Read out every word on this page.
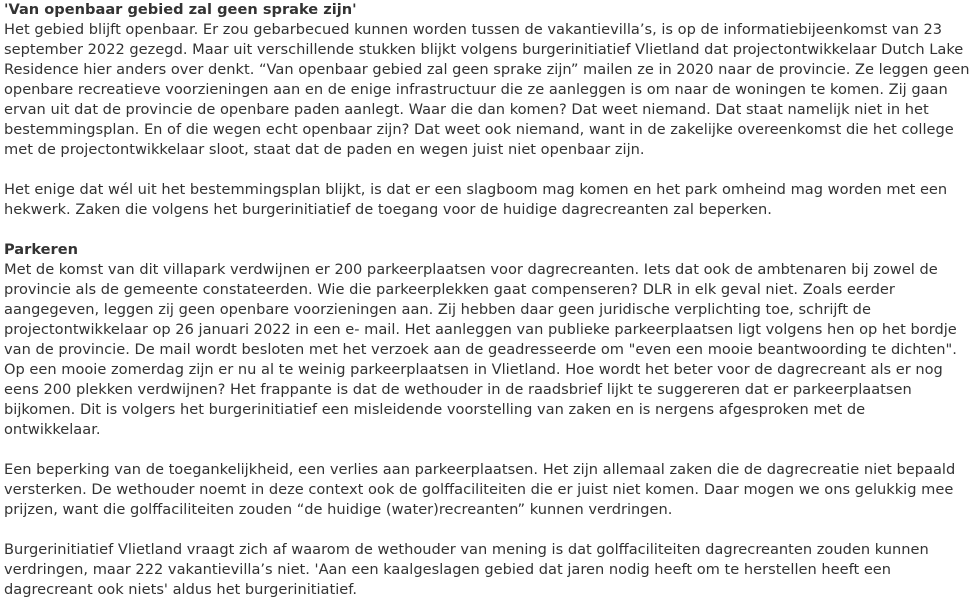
'Van openbaar gebied zal geen sprake zijn'
Het gebied blijft openbaar. Er zou gebarbecued kunnen worden tussen de vakantievilla’s, is op de informatiebijeenkomst van 23
september 2022 gezegd. Maar uit verschillende stukken blijkt volgens burgerinitiatief Vlietland dat projectontwikkelaar Dutch Lake
Residence hier anders over denkt. “Van openbaar gebied zal geen sprake zijn” mailen ze in 2020 naar de provincie. Ze leggen geen
openbare recreatieve voorzieningen aan en de enige infrastructuur die ze aanleggen is om naar de woningen te komen. Zij gaan
ervan uit dat de provincie de openbare paden aanlegt. Waar die dan komen? Dat weet niemand. Dat staat namelijk niet in het
bestemmingsplan. En of die wegen echt openbaar zijn? Dat weet ook niemand, want in de zakelijke overeenkomst die het college
met de projectontwikkelaar sloot, staat dat de paden en wegen juist niet openbaar zijn.
Het enige dat wél uit het bestemmingsplan blijkt, is dat er een slagboom mag komen en het park omheind mag worden met een
hekwerk. Zaken die volgens het burgerinitiatief de toegang voor de huidige dagrecreanten zal beperken.
Parkeren
Met de komst van dit villapark verdwijnen er 200 parkeerplaatsen voor dagrecreanten. Iets dat ook de ambtenaren bij zowel de
provincie als de gemeente constateerden. Wie die parkeerplekken gaat compenseren? DLR in elk geval niet. Zoals eerder
aangegeven, leggen zij geen openbare voorzieningen aan. Zij hebben daar geen juridische verplichting toe, schrijft de
projectontwikkelaar op 26 januari 2022 in een e- mail. Het aanleggen van publieke parkeerplaatsen ligt volgens hen op het bordje
van de provincie. De mail wordt besloten met het verzoek aan de geadresseerde om "even een mooie beantwoording te dichten".
Op een mooie zomerdag zijn er nu al te weinig parkeerplaatsen in Vlietland. Hoe wordt het beter voor de dagrecreant als er nog
eens 200 plekken verdwijnen? Het frappante is dat de wethouder in de raadsbrief lijkt te suggereren dat er parkeerplaatsen
bijkomen. Dit is volgers het burgerinitiatief een misleidende voorstelling van zaken en is nergens afgesproken met de
ontwikkelaar.
Een beperking van de toegankelijkheid, een verlies aan parkeerplaatsen. Het zijn allemaal zaken die de dagrecreatie niet bepaald
versterken. De wethouder noemt in deze context ook de golffaciliteiten die er juist niet komen. Daar mogen we ons gelukkig mee
prijzen, want die golffaciliteiten zouden “de huidige (water)recreanten” kunnen verdringen.
Burgerinitiatief Vlietland vraagt zich af waarom de wethouder van mening is dat golffaciliteiten dagrecreanten zouden kunnen
verdringen, maar 222 vakantievilla’s niet. 'Aan een kaalgeslagen gebied dat jaren nodig heeft om te herstellen heeft een
dagrecreant ook niets' aldus het burgerinitiatief.
